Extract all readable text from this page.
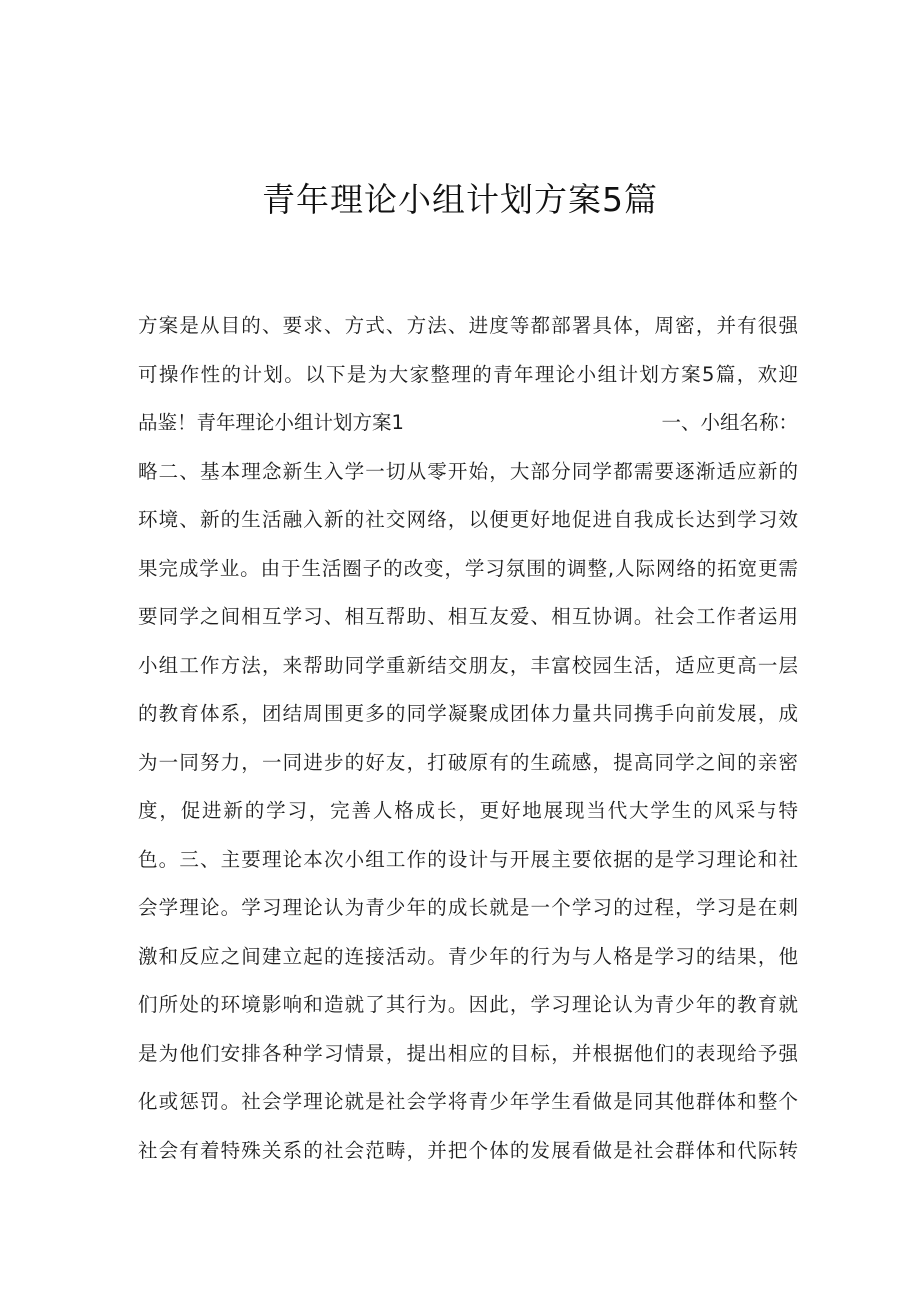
青年理论小组计划方案5篇
方案是从目的、要求、方式、方法、进度等都部署具体，周密，并有很强
可操作性的计划。以下是为大家整理的青年理论小组计划方案5篇，欢迎
品鉴！青年理论小组计划方案1	一、小组名称：
略二、基本理念新生入学一切从零开始，大部分同学都需要逐渐适应新的
环境、新的生活融入新的社交网络，以便更好地促进自我成长达到学习效
果完成学业。由于生活圈子的改变，学习氛围的调整,人际网络的拓宽更需
要同学之间相互学习、相互帮助、相互友爱、相互协调。社会工作者运用
小组工作方法，来帮助同学重新结交朋友，丰富校园生活，适应更高一层
的教育体系，团结周围更多的同学凝聚成团体力量共同携手向前发展，成
为一同努力，一同进步的好友，打破原有的生疏感，提高同学之间的亲密
度，促进新的学习，完善人格成长，更好地展现当代大学生的风采与特
色。三、主要理论本次小组工作的设计与开展主要依据的是学习理论和社
会学理论。学习理论认为青少年的成长就是一个学习的过程，学习是在刺
激和反应之间建立起的连接活动。青少年的行为与人格是学习的结果，他
们所处的环境影响和造就了其行为。因此，学习理论认为青少年的教育就
是为他们安排各种学习情景，提出相应的目标，并根据他们的表现给予强
化或惩罚。社会学理论就是社会学将青少年学生看做是同其他群体和整个
社会有着特殊关系的社会范畴，并把个体的发展看做是社会群体和代际转
